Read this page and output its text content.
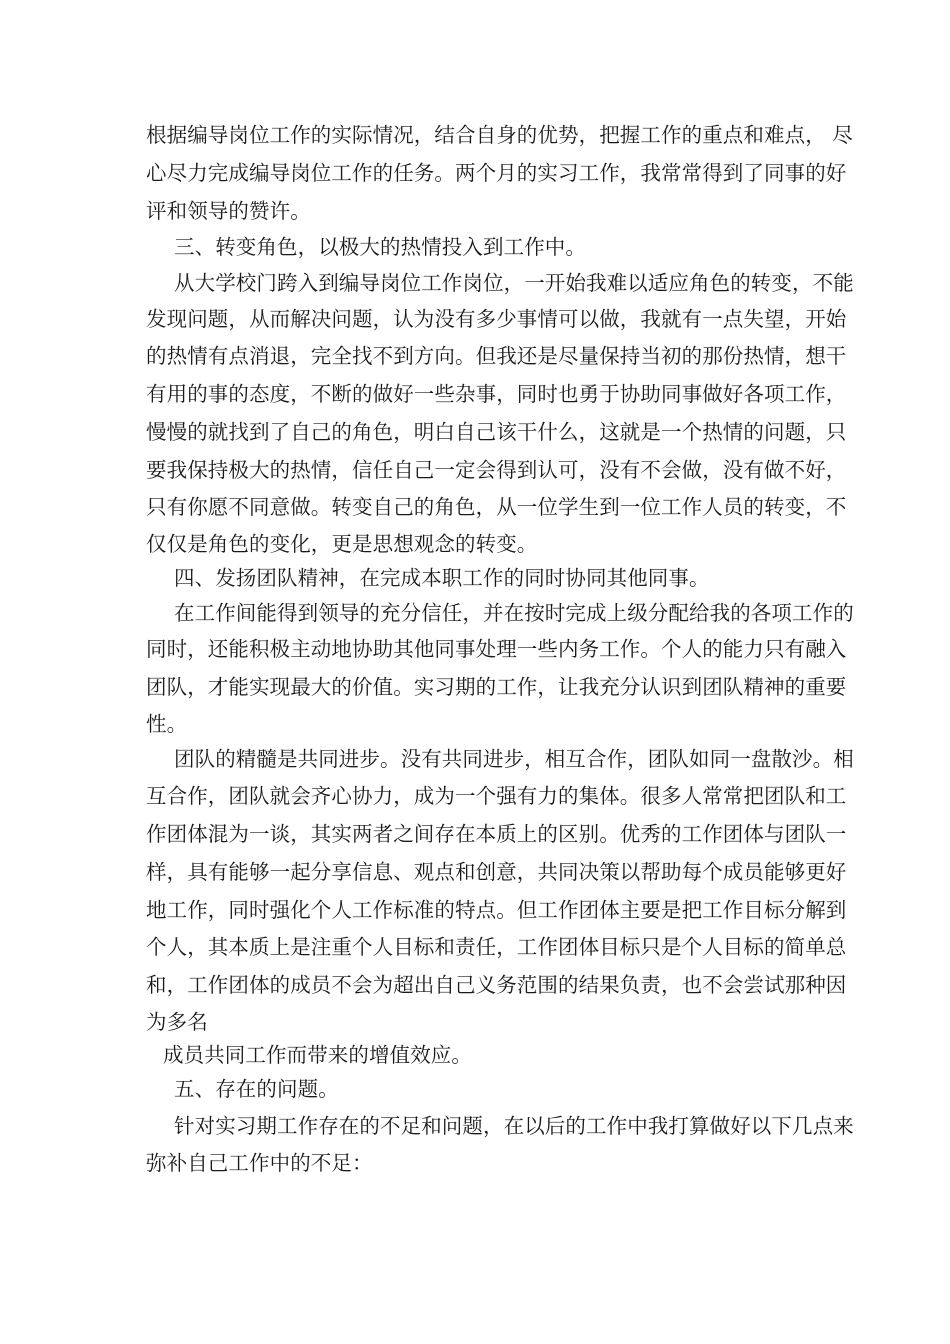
根据编导岗位工作的实际情况，结合自身的优势，把握工作的重点和难点， 尽
心尽力完成编导岗位工作的任务。两个月的实习工作，我常常得到了同事的好
评和领导的赞许。
三、转变角色，以极大的热情投入到工作中。
从大学校门跨入到编导岗位工作岗位，一开始我难以适应角色的转变，不能
发现问题，从而解决问题，认为没有多少事情可以做，我就有一点失望，开始
的热情有点消退，完全找不到方向。但我还是尽量保持当初的那份热情，想干
有用的事的态度，不断的做好一些杂事，同时也勇于协助同事做好各项工作，
慢慢的就找到了自己的角色，明白自己该干什么，这就是一个热情的问题，只
要我保持极大的热情，信任自己一定会得到认可，没有不会做，没有做不好，
只有你愿不同意做。转变自己的角色，从一位学生到一位工作人员的转变，不
仅仅是角色的变化，更是思想观念的转变。
四、发扬团队精神，在完成本职工作的同时协同其他同事。
在工作间能得到领导的充分信任，并在按时完成上级分配给我的各项工作的
同时，还能积极主动地协助其他同事处理一些内务工作。个人的能力只有融入
团队，才能实现最大的价值。实习期的工作，让我充分认识到团队精神的重要
性。
团队的精髓是共同进步。没有共同进步，相互合作，团队如同一盘散沙。相
互合作，团队就会齐心协力，成为一个强有力的集体。很多人常常把团队和工
作团体混为一谈，其实两者之间存在本质上的区别。优秀的工作团体与团队一
样，具有能够一起分享信息、观点和创意，共同决策以帮助每个成员能够更好
地工作，同时强化个人工作标准的特点。但工作团体主要是把工作目标分解到
个人，其本质上是注重个人目标和责任，工作团体目标只是个人目标的简单总
和，工作团体的成员不会为超出自己义务范围的结果负责，也不会尝试那种因
为多名
成员共同工作而带来的增值效应。
五、存在的问题。
针对实习期工作存在的不足和问题，在以后的工作中我打算做好以下几点来
弥补自己工作中的不足：
